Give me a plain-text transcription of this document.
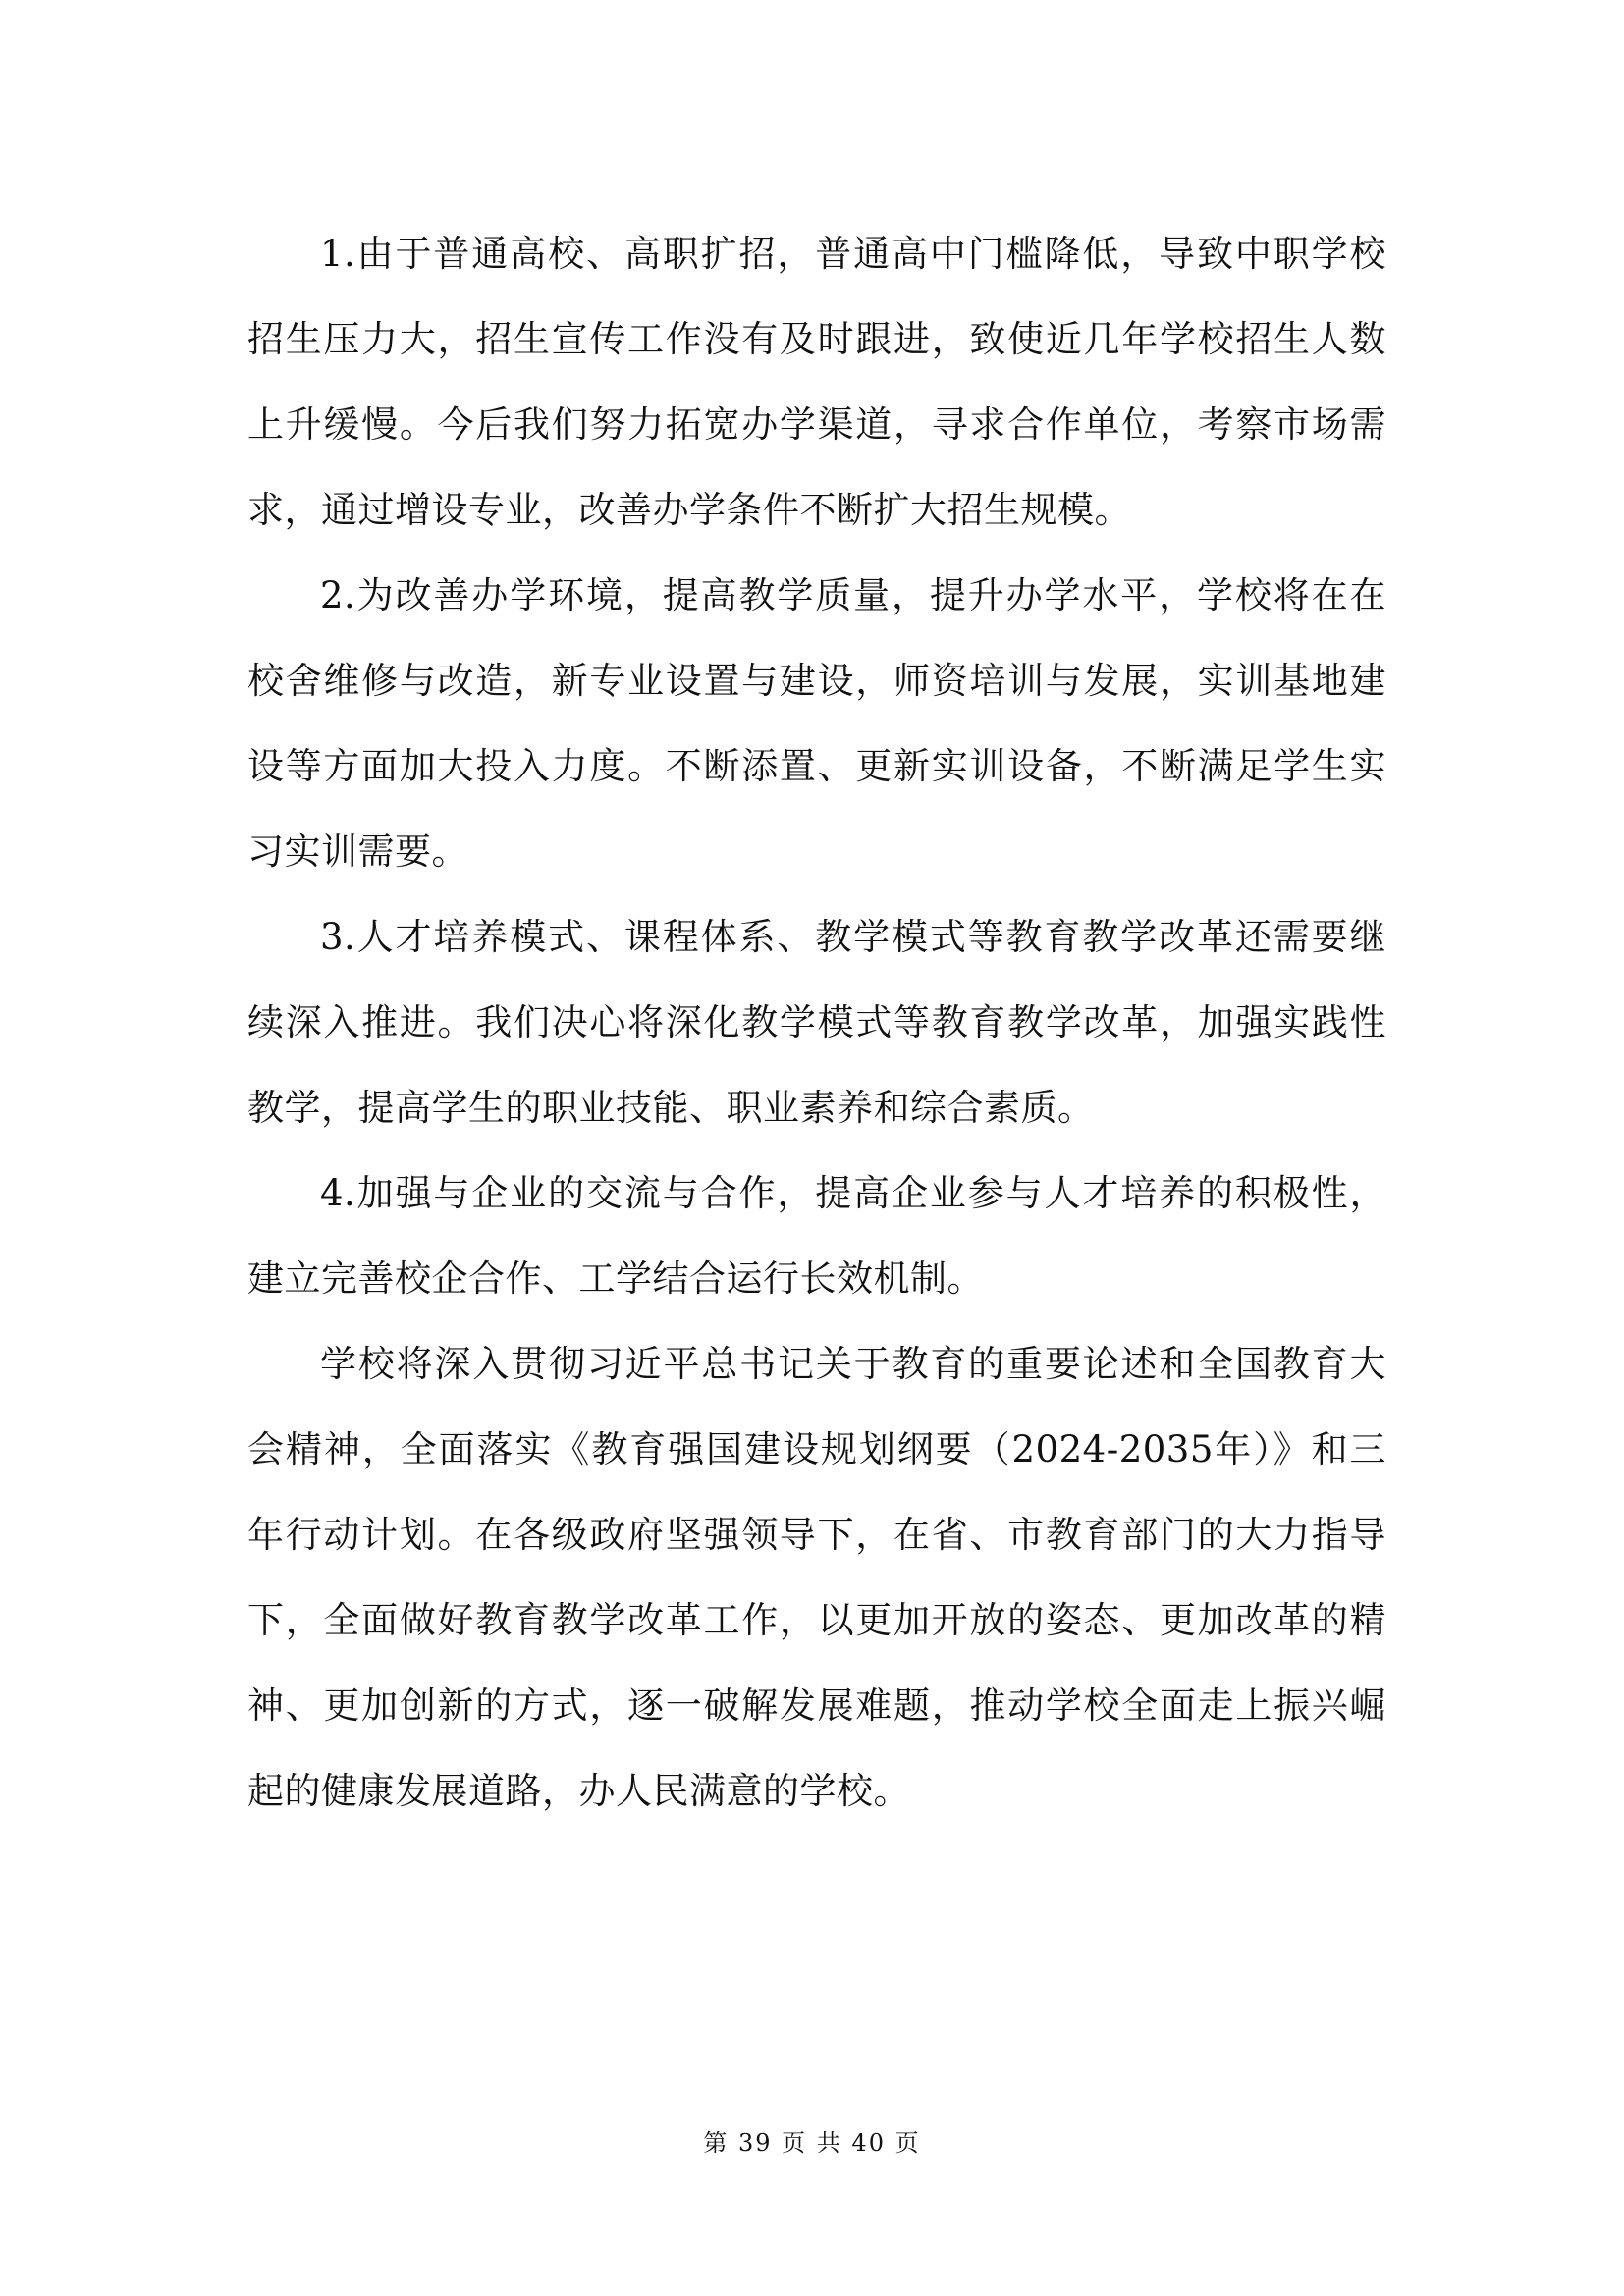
1.由于普通高校、高职扩招，普通高中门槛降低，导致中职学校招生压力大，招生宣传工作没有及时跟进，致使近几年学校招生人数上升缓慢。今后我们努力拓宽办学渠道，寻求合作单位，考察市场需求，通过增设专业，改善办学条件不断扩大招生规模。

2.为改善办学环境，提高教学质量，提升办学水平，学校将在在校舍维修与改造，新专业设置与建设，师资培训与发展，实训基地建设等方面加大投入力度。不断添置、更新实训设备，不断满足学生实习实训需要。

3.人才培养模式、课程体系、教学模式等教育教学改革还需要继续深入推进。我们决心将深化教学模式等教育教学改革，加强实践性教学，提高学生的职业技能、职业素养和综合素质。

4.加强与企业的交流与合作，提高企业参与人才培养的积极性，建立完善校企合作、工学结合运行长效机制。

学校将深入贯彻习近平总书记关于教育的重要论述和全国教育大会精神，全面落实《教育强国建设规划纲要（2024-2035年）》和三年行动计划。在各级政府坚强领导下，在省、市教育部门的大力指导下，全面做好教育教学改革工作，以更加开放的姿态、更加改革的精神、更加创新的方式，逐一破解发展难题，推动学校全面走上振兴崛起的健康发展道路，办人民满意的学校。

第 39 页 共 40 页
